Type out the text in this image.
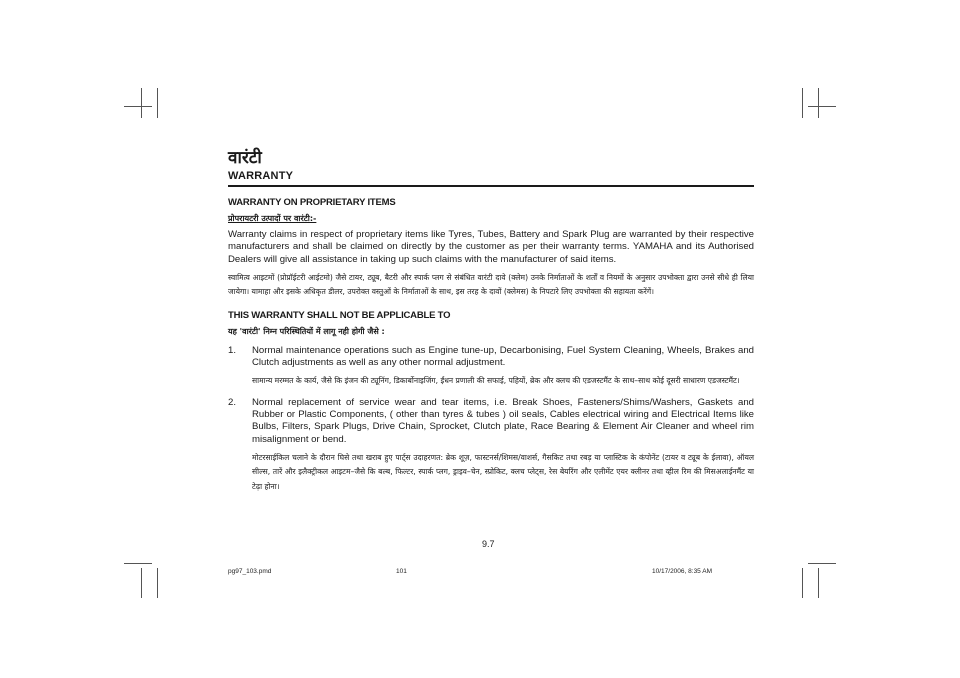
वारंटी
WARRANTY
WARRANTY ON PROPRIETARY ITEMS
प्रोपरायटरी उत्पादों पर वारंटी:-
Warranty claims in respect of proprietary items like Tyres, Tubes, Battery and Spark Plug are warranted by their respective manufacturers and shall be claimed on directly by the customer as per their warranty terms. YAMAHA and its Authorised Dealers will give all assistance in taking up such claims with the manufacturer of said items.
स्वामित्व आइटमों (प्रोप्रॉईटरी आईटमो) जैसे टायर, ट्यूब, बैटरी और स्पार्क प्लग से संबंधित वारंटी दावे (क्लेम) उनके निर्माताओं के शर्तों व नियमों के अनुसार उपभोक्ता द्वारा उनसे सीधे ही लिया जायेगा। यामाहा और इसके अधिकृत डीलर, उपरोक्त वस्तुओं के निर्माताओं के साथ, इस तरह के दावों (क्लेमस) के निपटारे लिए उपभोक्ता की सहायता करेंगें।
THIS WARRANTY SHALL NOT BE APPLICABLE TO
यह 'वारंटी' निम्न परिस्थितियों में लागू नही होगी जैसे :
1.	Normal maintenance operations such as Engine tune-up, Decarbonising, Fuel System Cleaning, Wheels, Brakes and Clutch adjustments as well as any other normal adjustment.
सामान्य मरम्मत के कार्य, जैसे कि इंजन की ट्यूनिंग, डिकार्बोनाइजिंग, ईंधन प्रणाली की सफाई, पहियों, ब्रेक और क्लच की एडजस्टमैंट के साथ–साथ कोई दूसरी साधारण एडजस्टमैंट।
2.	Normal replacement of service wear and tear items, i.e. Break Shoes, Fasteners/Shims/Washers, Gaskets and Rubber or Plastic Components, ( other than tyres & tubes ) oil seals, Cables electrical wiring and Electrical Items like Bulbs, Filters, Spark Plugs, Drive Chain, Sprocket, Clutch plate, Race Bearing & Element Air Cleaner and wheel rim misalignment or bend.
मोटरसाईकिल चलाने के दौरान घिसे तथा खराब हुए पार्ट्स उदाहरणत: ब्रेक शूज़, फास्टनर्स/शिमस/वाशर्स, गैसकिट तथा रबड़ या प्लास्टिक के कंपोनेंट (टायर व ट्यूब के ईलावा), ऑयल सील्स, तारें और इलैक्ट्रीकल आइटम–जैसे कि बल्ब, फिल्टर, स्पार्क प्लग, ड्राइव–चेन, स्प्रोकिट, क्लच प्लेट्स, रेस बेयरिंग और एलीमेंट एयर क्लीनर तथा व्हील रिम की मिसअलाईनमैंट या टेढ़ा होना।
9.7
pg97_103.pmd	101	10/17/2006, 8:35 AM
